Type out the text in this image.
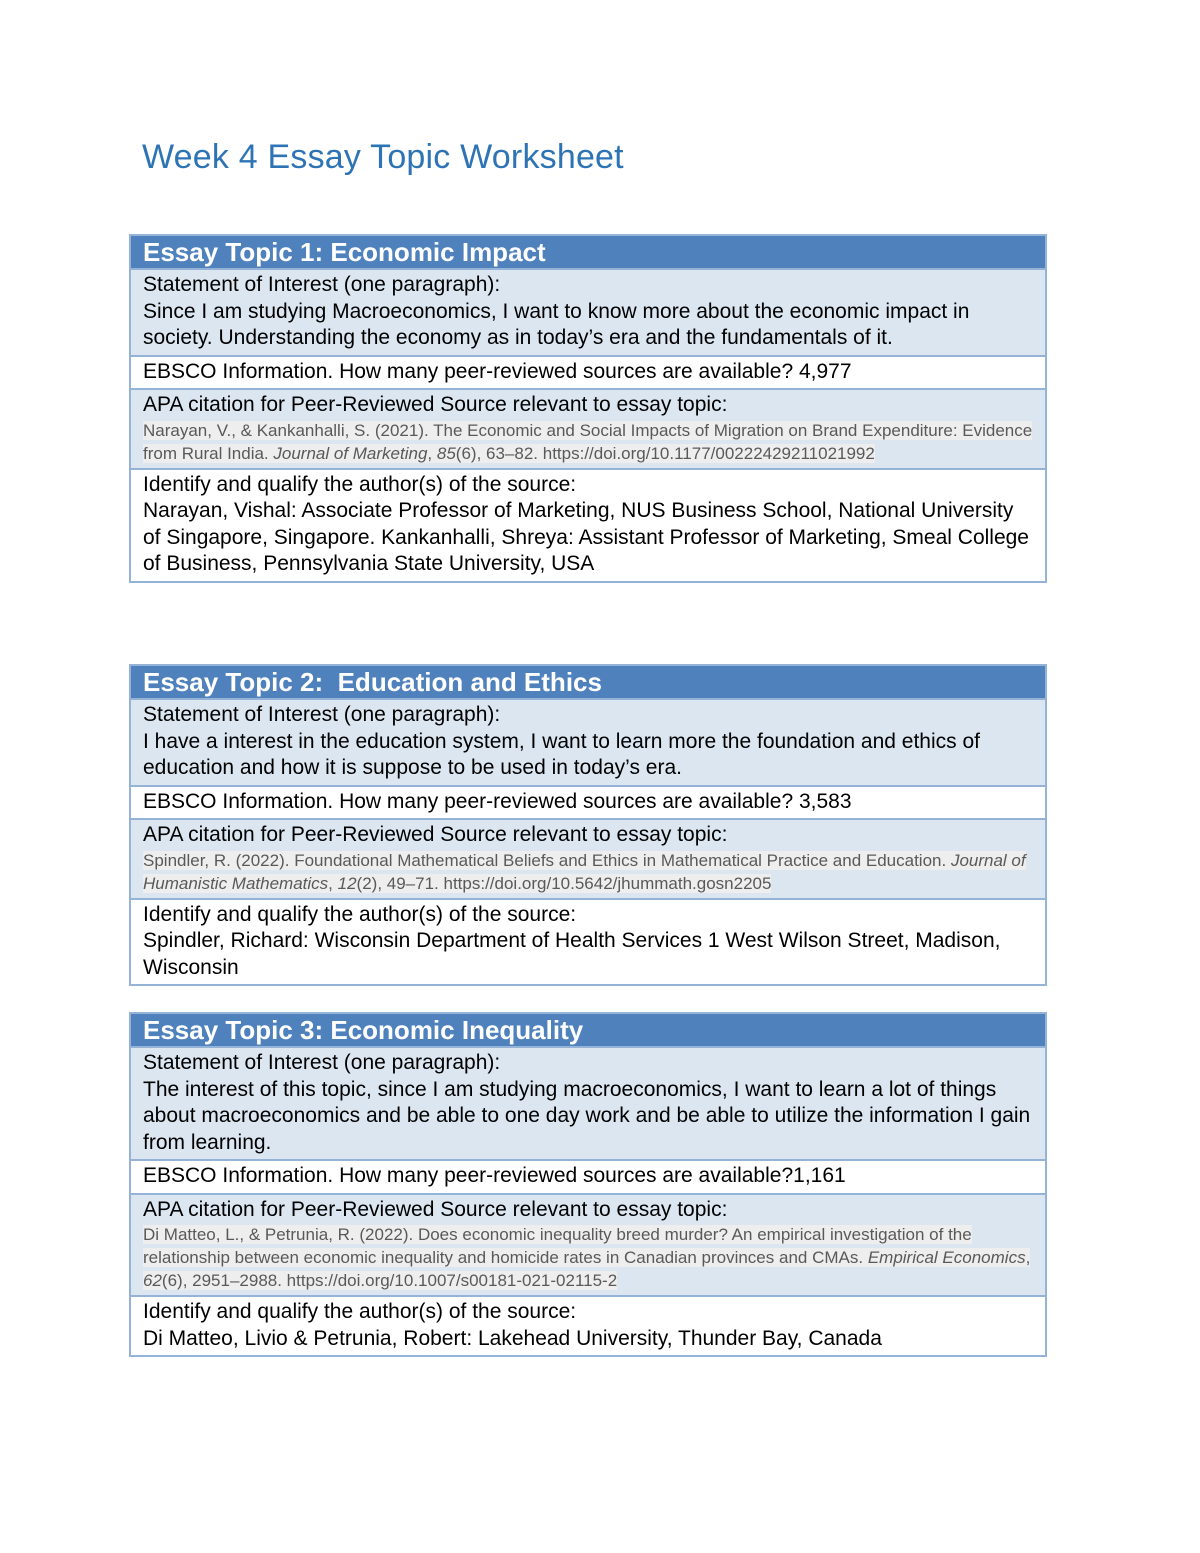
Week 4 Essay Topic Worksheet
Essay Topic 1: Economic Impact
Statement of Interest (one paragraph):
Since I am studying Macroeconomics, I want to know more about the economic impact in society. Understanding the economy as in today’s era and the fundamentals of it.
EBSCO Information. How many peer-reviewed sources are available? 4,977
APA citation for Peer-Reviewed Source relevant to essay topic:
Narayan, V., & Kankanhalli, S. (2021). The Economic and Social Impacts of Migration on Brand Expenditure: Evidence from Rural India. Journal of Marketing, 85(6), 63–82. https://doi.org/10.1177/00222429211021992
Identify and qualify the author(s) of the source:
Narayan, Vishal: Associate Professor of Marketing, NUS Business School, National University of Singapore, Singapore. Kankanhalli, Shreya: Assistant Professor of Marketing, Smeal College of Business, Pennsylvania State University, USA
Essay Topic 2:  Education and Ethics
Statement of Interest (one paragraph):
I have a interest in the education system, I want to learn more the foundation and ethics of education and how it is suppose to be used in today’s era.
EBSCO Information. How many peer-reviewed sources are available? 3,583
APA citation for Peer-Reviewed Source relevant to essay topic:
Spindler, R. (2022). Foundational Mathematical Beliefs and Ethics in Mathematical Practice and Education. Journal of Humanistic Mathematics, 12(2), 49–71. https://doi.org/10.5642/jhummath.gosn2205
Identify and qualify the author(s) of the source:
Spindler, Richard: Wisconsin Department of Health Services 1 West Wilson Street, Madison, Wisconsin
Essay Topic 3: Economic Inequality
Statement of Interest (one paragraph):
The interest of this topic, since I am studying macroeconomics, I want to learn a lot of things about macroeconomics and be able to one day work and be able to utilize the information I gain from learning.
EBSCO Information. How many peer-reviewed sources are available?1,161
APA citation for Peer-Reviewed Source relevant to essay topic:
Di Matteo, L., & Petrunia, R. (2022). Does economic inequality breed murder? An empirical investigation of the relationship between economic inequality and homicide rates in Canadian provinces and CMAs. Empirical Economics, 62(6), 2951–2988. https://doi.org/10.1007/s00181-021-02115-2
Identify and qualify the author(s) of the source:
Di Matteo, Livio & Petrunia, Robert: Lakehead University, Thunder Bay, Canada
